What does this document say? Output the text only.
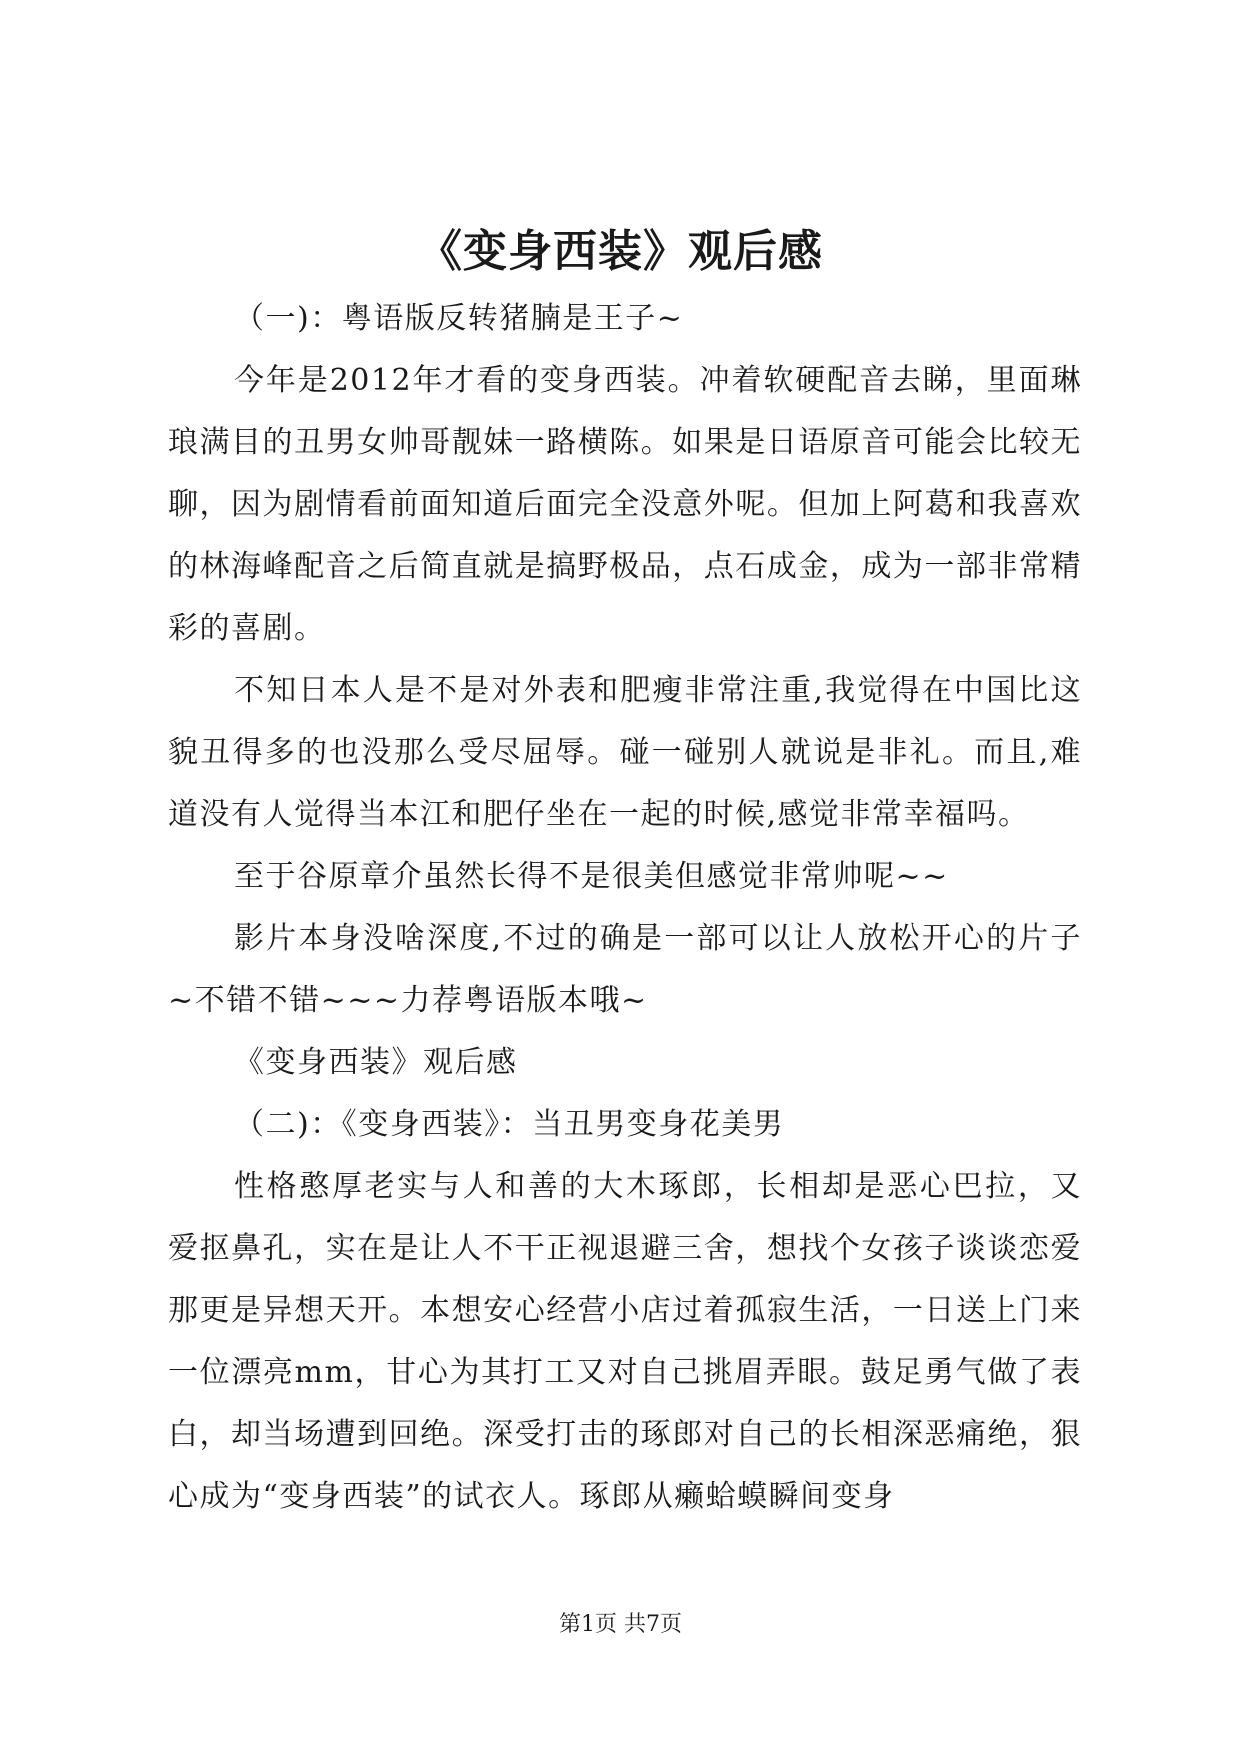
《变身西装》观后感

（一)：粤语版反转猪腩是王子~

今年是2012年才看的变身西装。冲着软硬配音去睇，里面琳琅满目的丑男女帅哥靓妹一路横陈。如果是日语原音可能会比较无聊，因为剧情看前面知道后面完全没意外呢。但加上阿葛和我喜欢的林海峰配音之后简直就是搞野极品，点石成金，成为一部非常精彩的喜剧。

不知日本人是不是对外表和肥瘦非常注重,我觉得在中国比这貌丑得多的也没那么受尽屈辱。碰一碰别人就说是非礼。而且,难道没有人觉得当本江和肥仔坐在一起的时候,感觉非常幸福吗。

至于谷原章介虽然长得不是很美但感觉非常帅呢~~

影片本身没啥深度,不过的确是一部可以让人放松开心的片子~不错不错~~~力荐粤语版本哦~

《变身西装》观后感

（二)：《变身西装》：当丑男变身花美男

性格憨厚老实与人和善的大木琢郎，长相却是恶心巴拉，又爱抠鼻孔，实在是让人不干正视退避三舍，想找个女孩子谈谈恋爱那更是异想天开。本想安心经营小店过着孤寂生活，一日送上门来一位漂亮mm，甘心为其打工又对自己挑眉弄眼。鼓足勇气做了表白，却当场遭到回绝。深受打击的琢郎对自己的长相深恶痛绝，狠心成为“变身西装”的试衣人。琢郎从癞蛤蟆瞬间变身

第1页 共7页
